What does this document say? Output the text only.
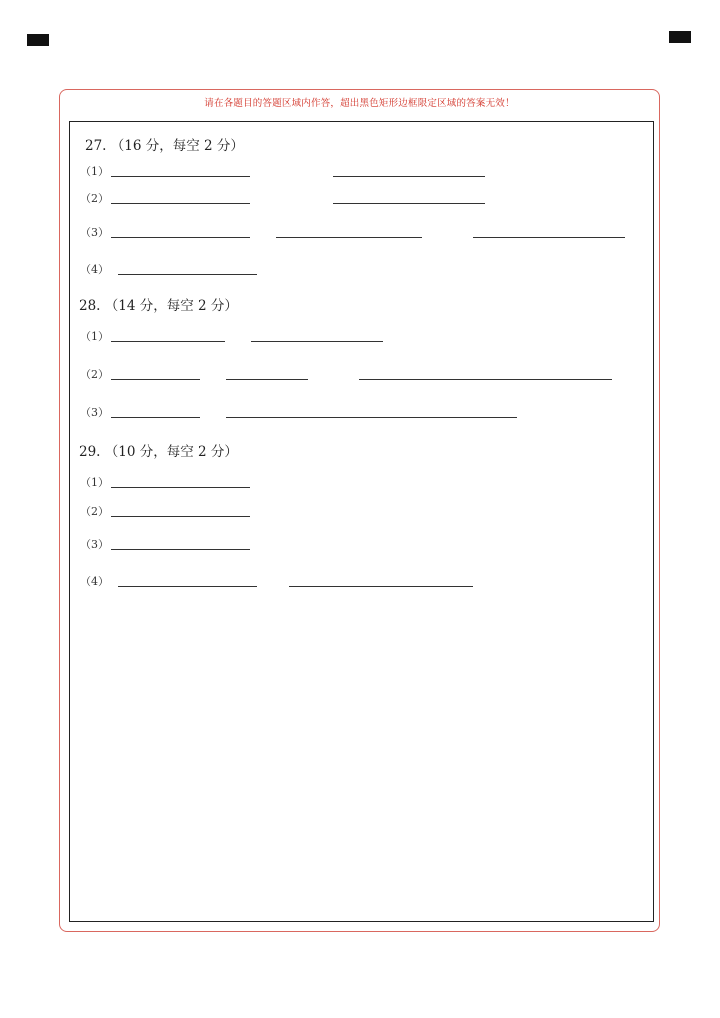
请在各题目的答题区域内作答，超出黑色矩形边框限定区域的答案无效！
27. （16 分，每空 2 分）
（1）
（2）
（3）
（4）
28. （14 分，每空 2 分）
（1）
（2）
（3）
29. （10 分，每空 2 分）
（1）
（2）
（3）
（4）
